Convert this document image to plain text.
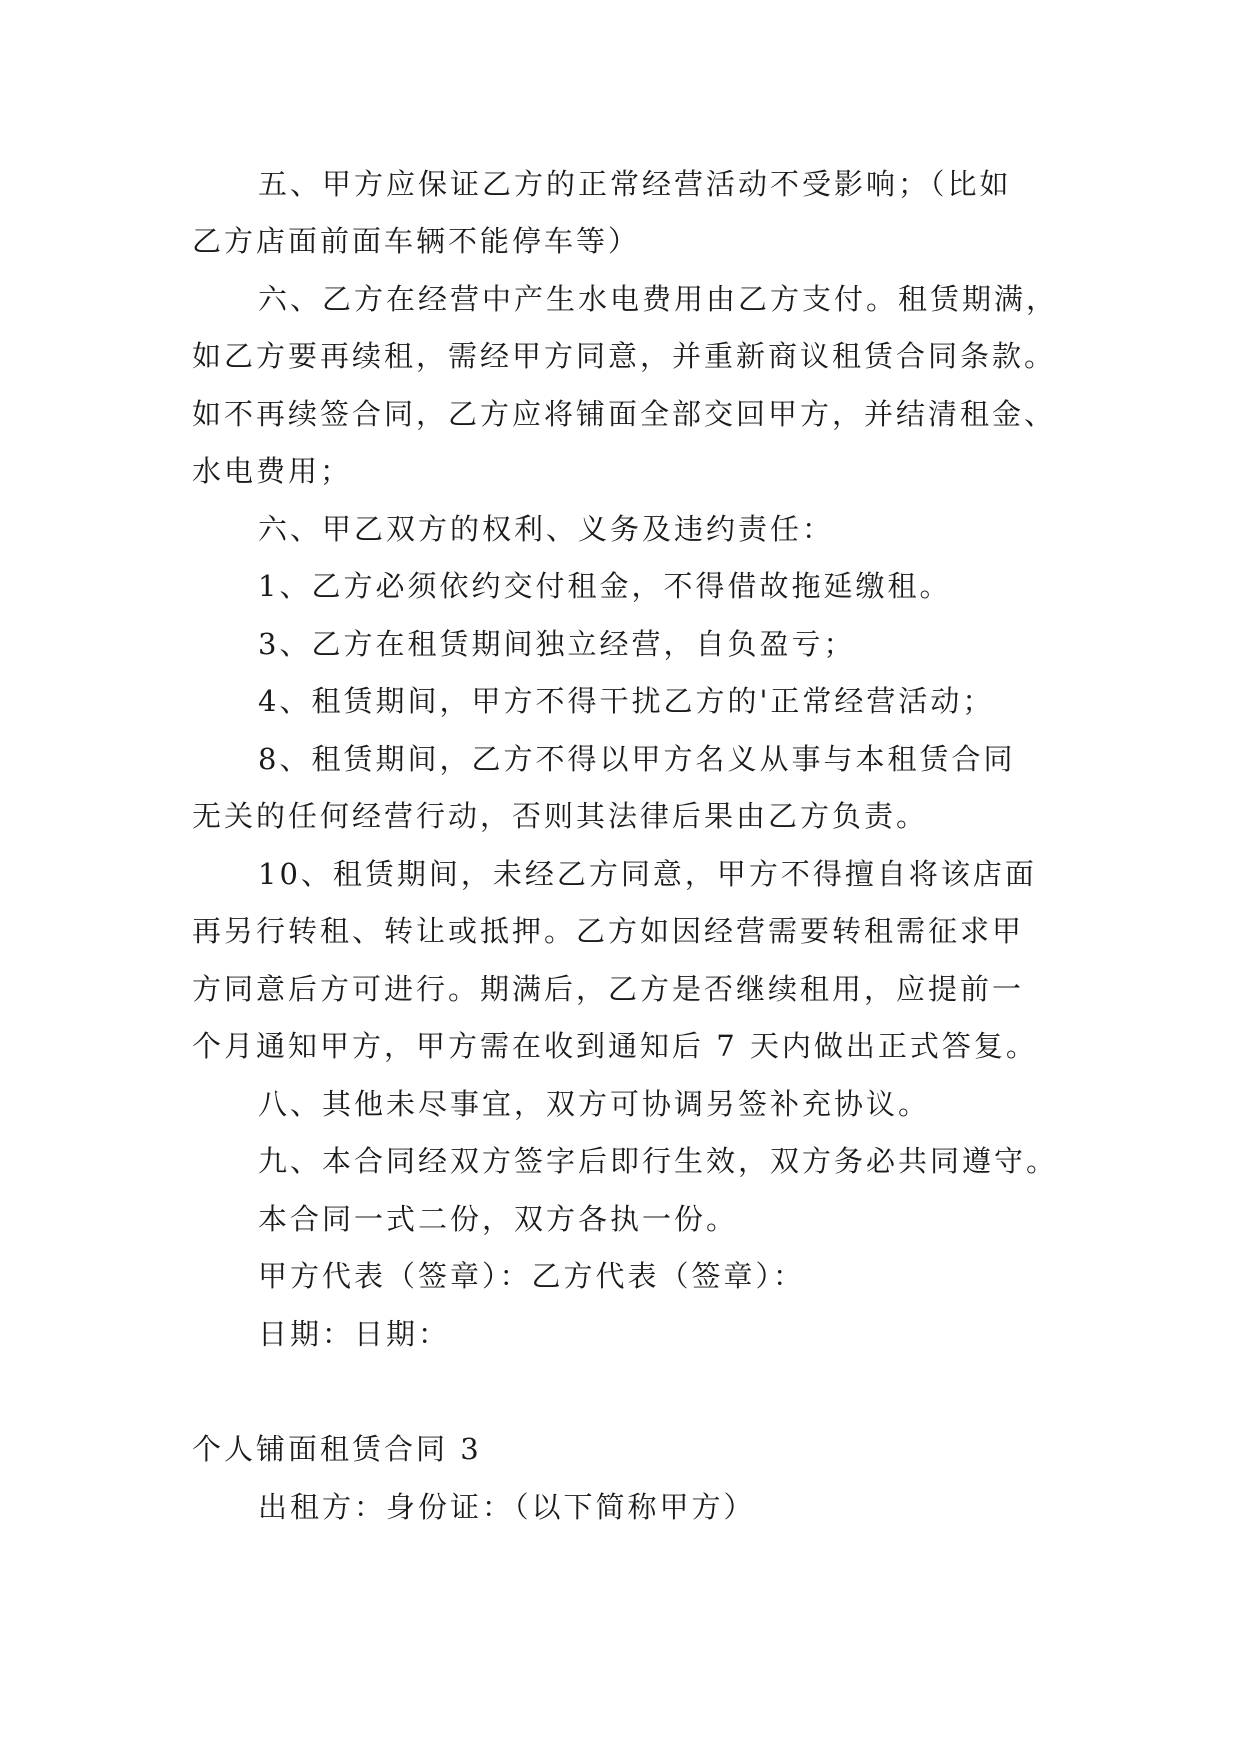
五、甲方应保证乙方的正常经营活动不受影响；（比如
乙方店面前面车辆不能停车等）
六、乙方在经营中产生水电费用由乙方支付。租赁期满，
如乙方要再续租，需经甲方同意，并重新商议租赁合同条款。
如不再续签合同，乙方应将铺面全部交回甲方，并结清租金、
水电费用；
六、甲乙双方的权利、义务及违约责任：
1、乙方必须依约交付租金，不得借故拖延缴租。
3、乙方在租赁期间独立经营，自负盈亏；
4、租赁期间，甲方不得干扰乙方的'正常经营活动；
8、租赁期间，乙方不得以甲方名义从事与本租赁合同
无关的任何经营行动，否则其法律后果由乙方负责。
10、租赁期间，未经乙方同意，甲方不得擅自将该店面
再另行转租、转让或抵押。乙方如因经营需要转租需征求甲
方同意后方可进行。期满后，乙方是否继续租用，应提前一
个月通知甲方，甲方需在收到通知后 7 天内做出正式答复。
八、其他未尽事宜，双方可协调另签补充协议。
九、本合同经双方签字后即行生效，双方务必共同遵守。
本合同一式二份，双方各执一份。
甲方代表（签章）：乙方代表（签章）：
日期：日期：
个人铺面租赁合同 3
出租方：身份证：（以下简称甲方）
